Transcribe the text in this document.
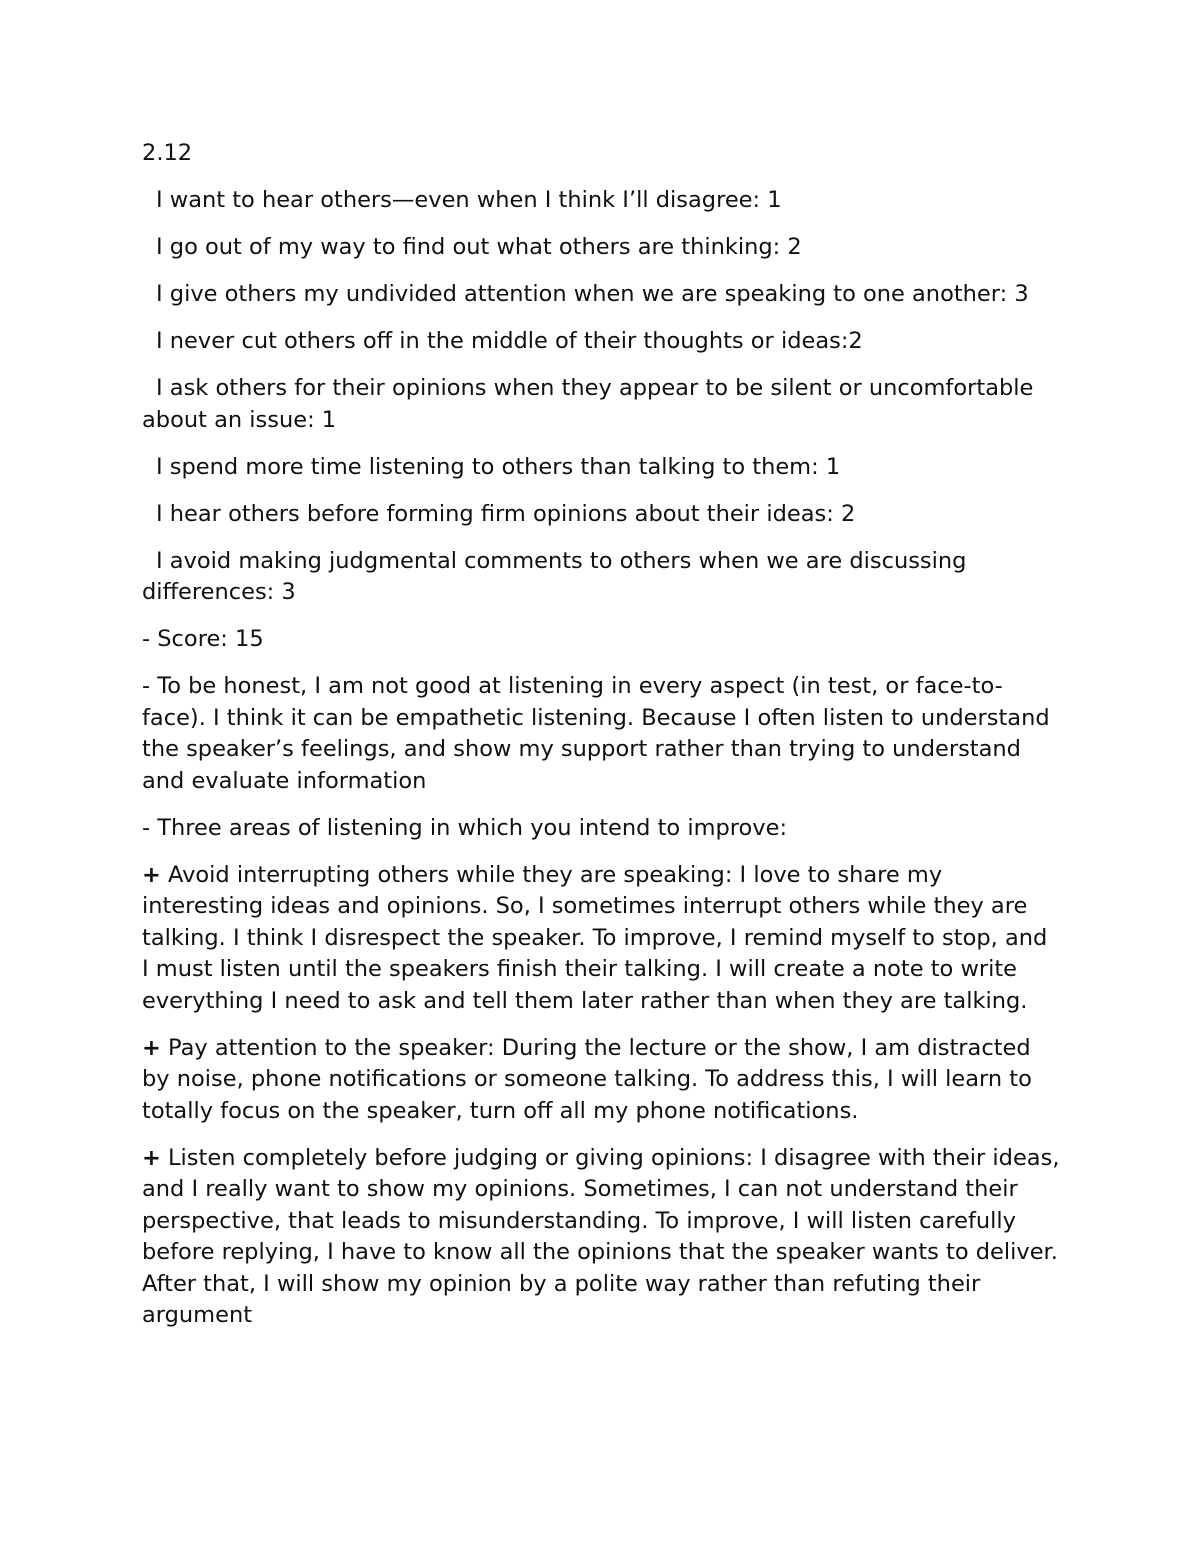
2.12

I want to hear others—even when I think I’ll disagree: 1

I go out of my way to find out what others are thinking: 2

I give others my undivided attention when we are speaking to one another: 3

I never cut others off in the middle of their thoughts or ideas:2

I ask others for their opinions when they appear to be silent or uncomfortable about an issue: 1

I spend more time listening to others than talking to them: 1

I hear others before forming firm opinions about their ideas: 2

I avoid making judgmental comments to others when we are discussing differences: 3

- Score: 15

- To be honest, I am not good at listening in every aspect (in test, or face-to-face). I think it can be empathetic listening. Because I often listen to understand the speaker’s feelings, and show my support rather than trying to understand and evaluate information

- Three areas of listening in which you intend to improve:

+ Avoid interrupting others while they are speaking: I love to share my interesting ideas and opinions. So, I sometimes interrupt others while they are talking. I think I disrespect the speaker. To improve, I remind myself to stop, and I must listen until the speakers finish their talking. I will create a note to write everything I need to ask and tell them later rather than when they are talking.

+ Pay attention to the speaker: During the lecture or the show, I am distracted by noise, phone notifications or someone talking. To address this, I will learn to totally focus on the speaker, turn off all my phone notifications.

+ Listen completely before judging or giving opinions: I disagree with their ideas, and I really want to show my opinions. Sometimes, I can not understand their perspective, that leads to misunderstanding. To improve, I will listen carefully before replying, I have to know all the opinions that the speaker wants to deliver. After that, I will show my opinion by a polite way rather than refuting their argument
